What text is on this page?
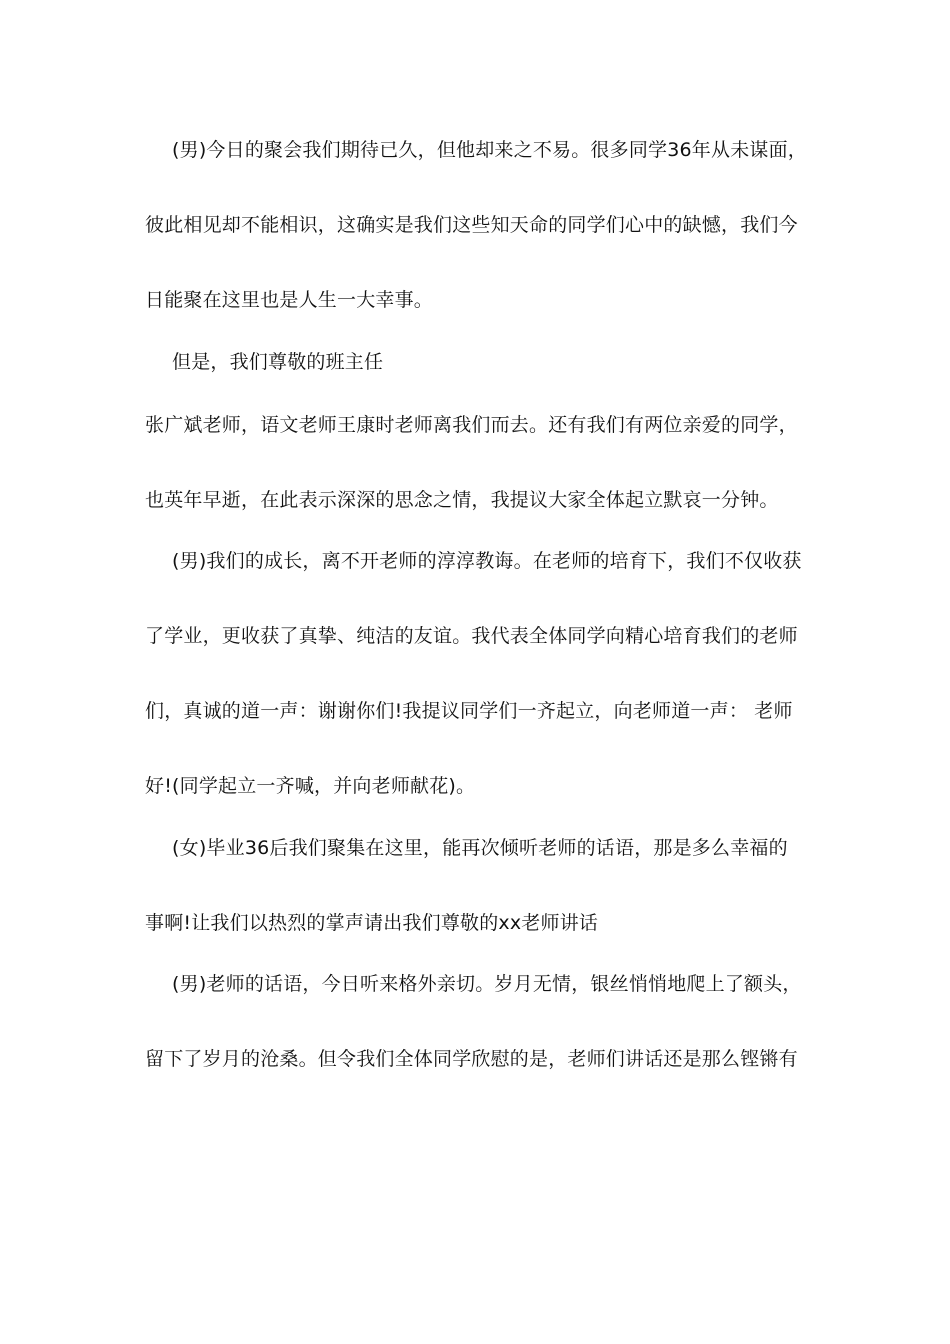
(男)今日的聚会我们期待已久，但他却来之不易。很多同学36年从未谋面，
彼此相见却不能相识，这确实是我们这些知天命的同学们心中的缺憾，我们今
日能聚在这里也是人生一大幸事。
但是，我们尊敬的班主任
张广斌老师，语文老师王康时老师离我们而去。还有我们有两位亲爱的同学，
也英年早逝，在此表示深深的思念之情，我提议大家全体起立默哀一分钟。
(男)我们的成长，离不开老师的淳淳教诲。在老师的培育下，我们不仅收获
了学业，更收获了真挚、纯洁的友谊。我代表全体同学向精心培育我们的老师
们，真诚的道一声：谢谢你们!我提议同学们一齐起立，向老师道一声： 老师
好!(同学起立一齐喊，并向老师献花)。
(女)毕业36后我们聚集在这里，能再次倾听老师的话语，那是多么幸福的
事啊!让我们以热烈的掌声请出我们尊敬的xx老师讲话
(男)老师的话语，今日听来格外亲切。岁月无情，银丝悄悄地爬上了额头，
留下了岁月的沧桑。但令我们全体同学欣慰的是，老师们讲话还是那么铿锵有
